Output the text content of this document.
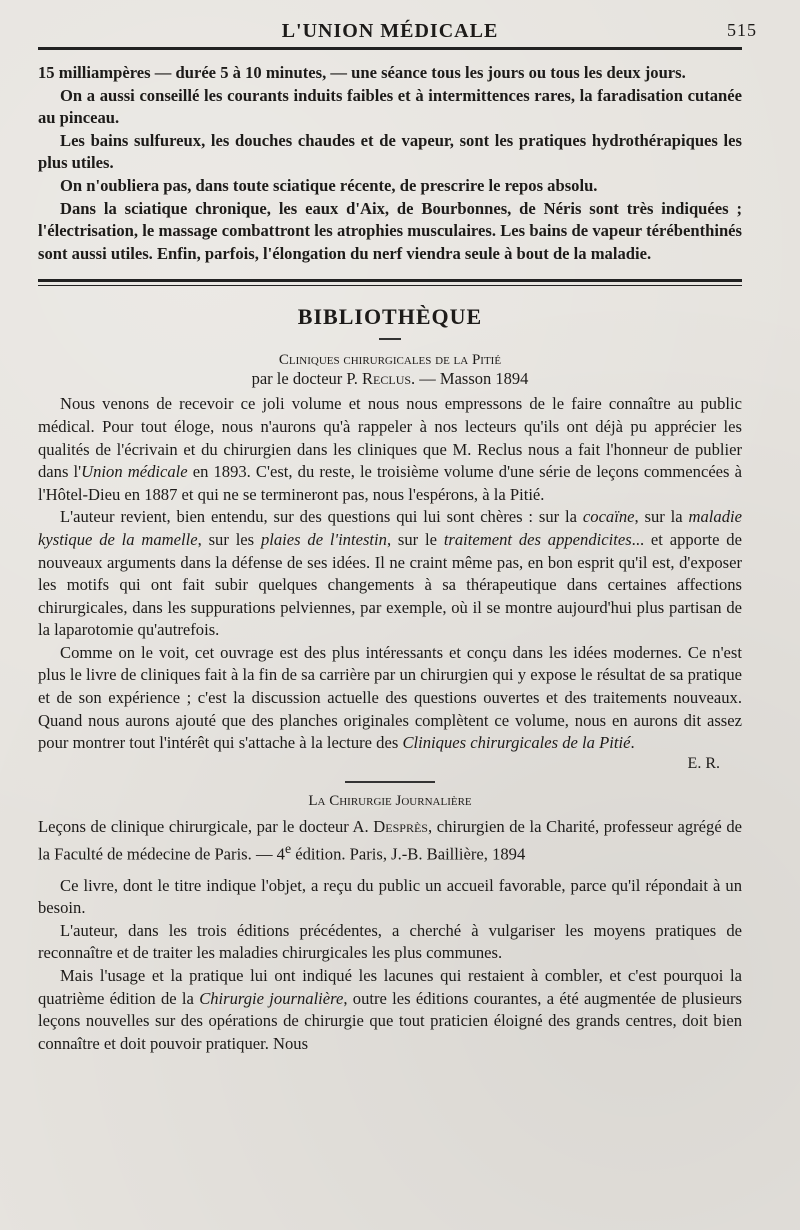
L'UNION MÉDICALE	515

15 milliampères — durée 5 à 10 minutes, — une séance tous les jours ou tous les deux jours.

On a aussi conseillé les courants induits faibles et à intermittences rares, la faradisation cutanée au pinceau.

Les bains sulfureux, les douches chaudes et de vapeur, sont les pratiques hydrothérapiques les plus utiles.

On n'oubliera pas, dans toute sciatique récente, de prescrire le repos absolu.

Dans la sciatique chronique, les eaux d'Aix, de Bourbonnes, de Néris sont très indiquées ; l'électrisation, le massage combattront les atrophies musculaires. Les bains de vapeur térébenthinés sont aussi utiles. Enfin, parfois, l'élongation du nerf viendra seule à bout de la maladie.

BIBLIOTHÈQUE
Cliniques chirurgicales de la Pitié
par le docteur P. Reclus. — Masson 1894

Nous venons de recevoir ce joli volume et nous nous empressons de le faire connaître au public médical. Pour tout éloge, nous n'aurons qu'à rappeler à nos lecteurs qu'ils ont déjà pu apprécier les qualités de l'écrivain et du chirurgien dans les cliniques que M. Reclus nous a fait l'honneur de publier dans l'Union médicale en 1893. C'est, du reste, le troisième volume d'une série de leçons commencées à l'Hôtel-Dieu en 1887 et qui ne se termineront pas, nous l'espérons, à la Pitié.

L'auteur revient, bien entendu, sur des questions qui lui sont chères : sur la cocaïne, sur la maladie kystique de la mamelle, sur les plaies de l'intestin, sur le traitement des appendicites... et apporte de nouveaux arguments dans la défense de ses idées. Il ne craint même pas, en bon esprit qu'il est, d'exposer les motifs qui ont fait subir quelques changements à sa thérapeutique dans certaines affections chirurgicales, dans les suppurations pelviennes, par exemple, où il se montre aujourd'hui plus partisan de la laparotomie qu'autrefois.

Comme on le voit, cet ouvrage est des plus intéressants et conçu dans les idées modernes. Ce n'est plus le livre de cliniques fait à la fin de sa carrière par un chirurgien qui y expose le résultat de sa pratique et de son expérience ; c'est la discussion actuelle des questions ouvertes et des traitements nouveaux. Quand nous aurons ajouté que des planches originales complètent ce volume, nous en aurons dit assez pour montrer tout l'intérêt qui s'attache à la lecture des Cliniques chirurgicales de la Pitié.

E. R.
La Chirurgie Journalière

Leçons de clinique chirurgicale, par le docteur A. Desprès, chirurgien de la Charité, professeur agrégé de la Faculté de médecine de Paris. — 4e édition. Paris, J.-B. Baillière, 1894

Ce livre, dont le titre indique l'objet, a reçu du public un accueil favorable, parce qu'il répondait à un besoin.

L'auteur, dans les trois éditions précédentes, a cherché à vulgariser les moyens pratiques de reconnaître et de traiter les maladies chirurgicales les plus communes.

Mais l'usage et la pratique lui ont indiqué les lacunes qui restaient à combler, et c'est pourquoi la quatrième édition de la Chirurgie journalière, outre les éditions courantes, a été augmentée de plusieurs leçons nouvelles sur des opérations de chirurgie que tout praticien éloigné des grands centres, doit bien connaître et doit pouvoir pratiquer. Nous
